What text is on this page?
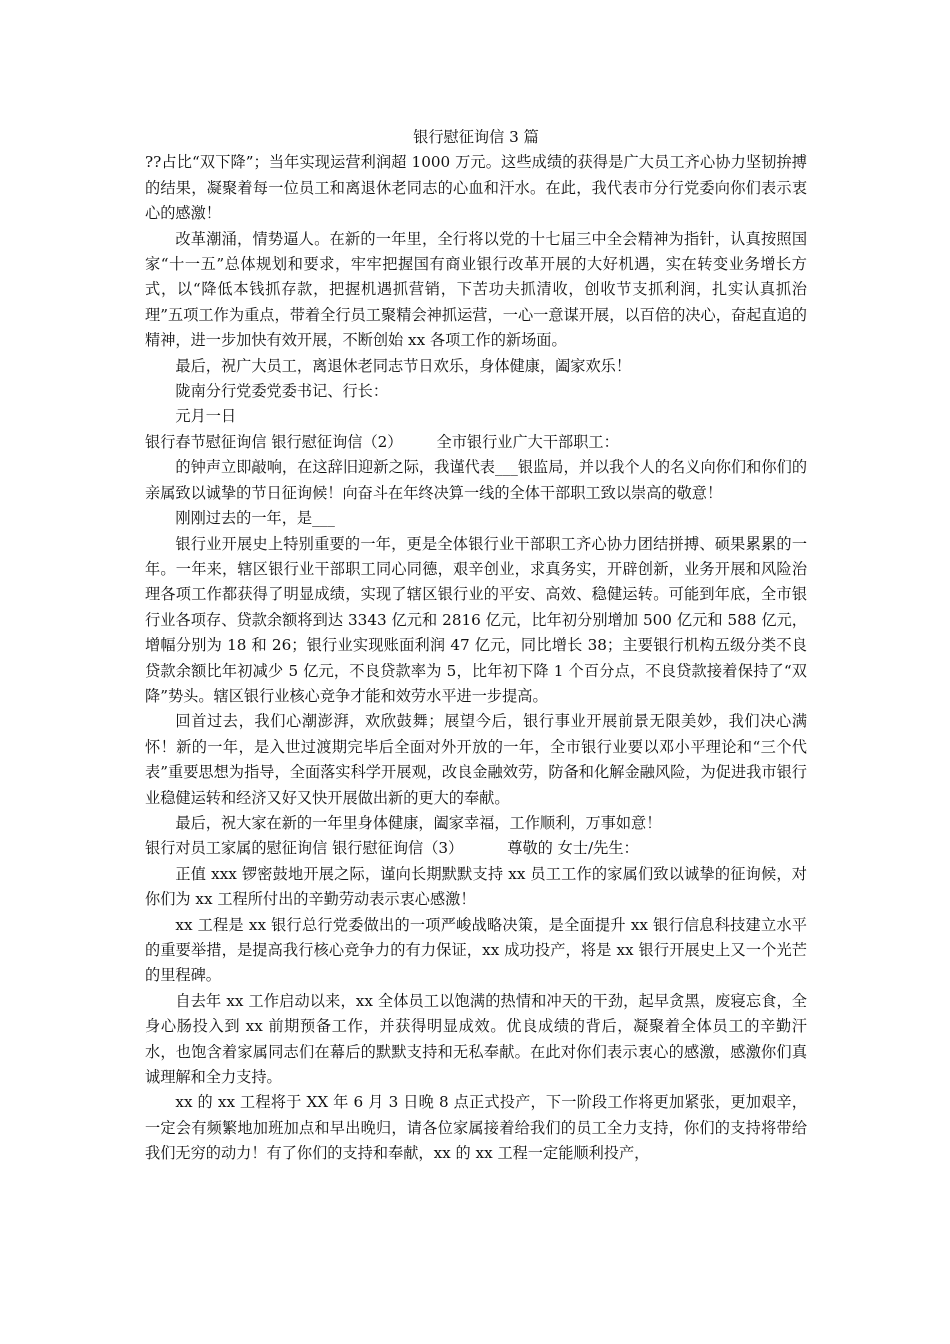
银行慰征询信 3 篇

??占比“双下降”；当年实现运营利润超 1000 万元。这些成绩的获得是广大员工齐心协力坚韧拚搏的结果，凝聚着每一位员工和离退休老同志的心血和汗水。在此，我代表市分行党委向你们表示衷心的感激！

改革潮涌，情势逼人。在新的一年里，全行将以党的十七届三中全会精神为指针，认真按照国家“十一五”总体规划和要求，牢牢把握国有商业银行改革开展的大好机遇，实在转变业务增长方式，以“降低本钱抓存款，把握机遇抓营销，下苦功夫抓清收，创收节支抓利润，扎实认真抓治理”五项工作为重点，带着全行员工聚精会神抓运营，一心一意谋开展，以百倍的决心，奋起直追的精神，进一步加快有效开展，不断创始 xx 各项工作的新场面。

最后，祝广大员工，离退休老同志节日欢乐，身体健康，阖家欢乐！

陇南分行党委党委书记、行长：

元月一日

银行春节慰征询信 银行慰征询信（2） 全市银行业广大干部职工：

的钟声立即敲响，在这辞旧迎新之际，我谨代表___银监局，并以我个人的名义向你们和你们的亲属致以诚挚的节日征询候！向奋斗在年终决算一线的全体干部职工致以崇高的敬意！

刚刚过去的一年，是___

银行业开展史上特别重要的一年，更是全体银行业干部职工齐心协力团结拼搏、硕果累累的一年。一年来，辖区银行业干部职工同心同德，艰辛创业，求真务实，开辟创新，业务开展和风险治理各项工作都获得了明显成绩，实现了辖区银行业的平安、高效、稳健运转。可能到年底，全市银行业各项存、贷款余额将到达 3343 亿元和 2816 亿元，比年初分别增加 500 亿元和 588 亿元，增幅分别为 18 和 26；银行业实现账面利润 47 亿元，同比增长 38；主要银行机构五级分类不良贷款余额比年初减少 5 亿元，不良贷款率为 5，比年初下降 1 个百分点，不良贷款接着保持了“双降”势头。辖区银行业核心竞争才能和效劳水平进一步提高。

回首过去，我们心潮澎湃，欢欣鼓舞；展望今后，银行事业开展前景无限美妙，我们决心满怀！新的一年，是入世过渡期完毕后全面对外开放的一年，全市银行业要以邓小平理论和“三个代表”重要思想为指导，全面落实科学开展观，改良金融效劳，防备和化解金融风险，为促进我市银行业稳健运转和经济又好又快开展做出新的更大的奉献。

最后，祝大家在新的一年里身体健康，阖家幸福，工作顺利，万事如意！

银行对员工家属的慰征询信 银行慰征询信（3）	尊敬的 女士/先生：

正值 xxx 锣密鼓地开展之际，谨向长期默默支持 xx 员工工作的家属们致以诚挚的征询候，对你们为 xx 工程所付出的辛勤劳动表示衷心感激！

xx 工程是 xx 银行总行党委做出的一项严峻战略决策，是全面提升 xx 银行信息科技建立水平的重要举措，是提高我行核心竞争力的有力保证，xx 成功投产，将是 xx 银行开展史上又一个光芒的里程碑。

自去年 xx 工作启动以来，xx 全体员工以饱满的热情和冲天的干劲，起早贪黑，废寝忘食，全身心肠投入到 xx 前期预备工作，并获得明显成效。优良成绩的背后，凝聚着全体员工的辛勤汗水，也饱含着家属同志们在幕后的默默支持和无私奉献。在此对你们表示衷心的感激，感激你们真诚理解和全力支持。

xx 的 xx 工程将于 XX 年 6 月 3 日晚 8 点正式投产，下一阶段工作将更加紧张，更加艰辛，一定会有频繁地加班加点和早出晚归，请各位家属接着给我们的员工全力支持，你们的支持将带给我们无穷的动力！有了你们的支持和奉献，xx 的 xx 工程一定能顺利投产，
